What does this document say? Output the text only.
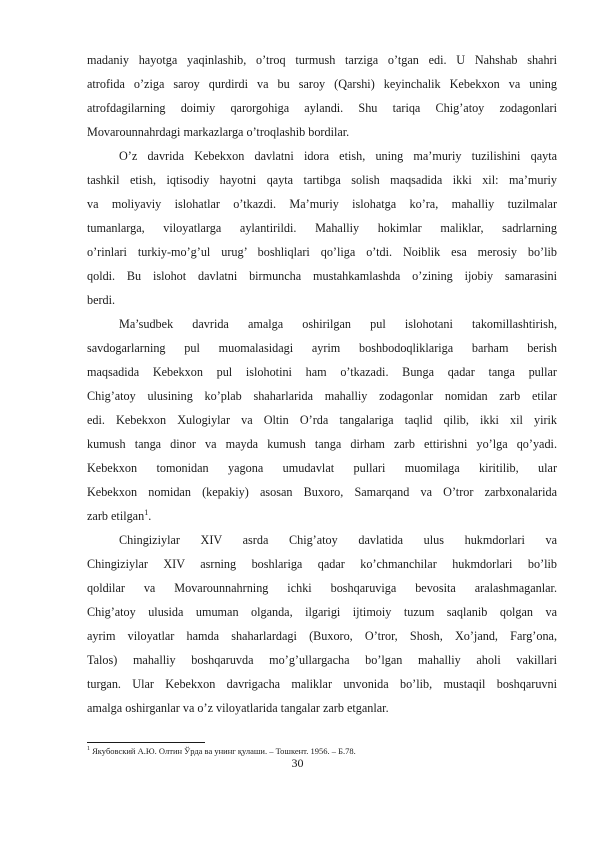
madaniy hayotga yaqinlashib, o’troq turmush tarziga o’tgan edi. U Nahshab shahri
atrofida o’ziga saroy qurdirdi va bu saroy (Qarshi) keyinchalik Kebekxon va uning
atrofdagilarning doimiy qarorgohiga aylandi. Shu tariqa Chig’atoy zodagonlari
Movarounnahrdagi markazlarga o’troqlashib bordilar.
O’z davrida Kebekxon davlatni idora etish, uning ma’muriy tuzilishini qayta
tashkil etish, iqtisodiy hayotni qayta tartibga solish maqsadida ikki xil: ma’muriy
va moliyaviy islohatlar o’tkazdi. Ma’muriy islohatga ko’ra, mahalliy tuzilmalar
tumanlarga, viloyatlarga aylantirildi. Mahalliy hokimlar maliklar, sadrlarning
o’rinlari turkiy-mo’g’ul urug’ boshliqlari qo’liga o’tdi. Noiblik esa merosiy bo’lib
qoldi. Bu islohot davlatni birmuncha mustahkamlashda o’zining ijobiy samarasini
berdi.
Ma’sudbek davrida amalga oshirilgan pul islohotani takomillashtirish,
savdogarlarning pul muomalasidagi ayrim boshbodoqliklariga barham berish
maqsadida Kebekxon pul islohotini ham o’tkazadi. Bunga qadar tanga pullar
Chig’atoy ulusining ko’plab shaharlarida mahalliy zodagonlar nomidan zarb etilar
edi. Kebekxon Xulogiylar va Oltin O’rda tangalariga taqlid qilib, ikki xil yirik
kumush tanga dinor va mayda kumush tanga dirham zarb ettirishni yo’lga qo’yadi.
Kebekxon tomonidan yagona umudavlat pullari muomilaga kiritilib, ular
Kebekxon nomidan (kepakiy) asosan Buxoro, Samarqand va O’tror zarbxonalarida
zarb etilgan$^1$.
Chingiziylar XIV asrda Chig’atoy davlatida ulus hukmdorlari va
Chingiziylar XIV asrning boshlariga qadar ko’chmanchilar hukmdorlari bo’lib
qoldilar va Movarounnahrning ichki boshqaruviga bevosita aralashmaganlar.
Chig’atoy ulusida umuman olganda, ilgarigi ijtimoiy tuzum saqlanib qolgan va
ayrim viloyatlar hamda shaharlardagi (Buxoro, O’tror, Shosh, Xo’jand, Farg’ona,
Talos) mahalliy boshqaruvda mo’g’ullargacha bo’lgan mahalliy aholi vakillari
turgan. Ular Kebekxon davrigacha maliklar unvonida bo’lib, mustaqil boshqaruvni
amalga oshirganlar va o’z viloyatlarida tangalar zarb etganlar.
$^1$ Якубовский А.Ю. Олтин Ўрда ва унинг қулаши. – Тошкент. 1956. – Б.78.
30
